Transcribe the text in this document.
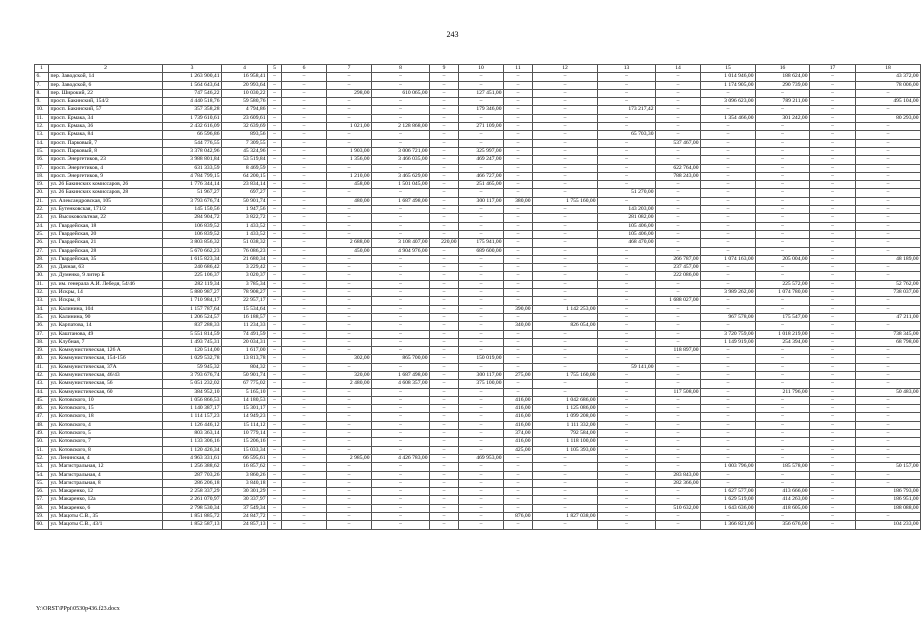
243
1	2	3	4	5	6	7	8	9	10	11	12	13	14	15	16	17	18
6.	пер. Заводской, 14	1 263 900,41	16 958,41	–	–	–	–	–	–	–	–	–	–	1 014 946,00	188 624,00	–	43 372,00
7.	пер. Заводской, 6	1 564 643,64	20 993,64	–	–	–	–	–	–	–	–	–	–	1 174 905,00	290 739,00	–	78 006,00
8.	пер. Широкий, 22	747 546,22	10 030,22	–	–	298,00	610 065,00	–	127 451,00	–	–	–	–	–	–	–	–
9.	просп. Бакинский, 154/2	4 440 518,76	59 580,76	–	–	–	–	–	–	–	–	–	–	3 096 623,00	789 211,00	–	495 104,00
10.	просп. Бакинский, 57	357 358,28	4 794,86	–	–	–	–	–	179 346,00	–	–	173 217,42	–	–	–	–	–
11.	просп. Ермака, 34	1 739 610,61	23 609,61	–	–	–	–	–	–	–	–	–	–	1 354 466,00	301 242,00	–	80 293,00
12.	просп. Ермака, 36	2 432 616,09	32 639,69	–	–	1 021,00	2 128 868,00	–	271 109,00	–	–	–	–	–	–	–	–
13.	просп. Ермака, 84	66 596,86	893,56	–	–	–	–	–	–	–	–	65 703,30	–	–	–	–	–
14.	просп. Парковый, 7	544 776,55	7 309,55	–	–	–	–	–	–	–	–	–	537 467,00	–	–	–	–
15.	просп. Парковый, 8	3 378 042,96	45 324,96	–	–	1 903,00	3 006 721,00	–	325 997,00	–	–	–	–	–	–	–	–
16.	просп. Энергетиков, 23	3 988 801,84	53 519,84	–	–	1 356,00	3 466 035,00	–	469 247,00	–	–	–	–	–	–	–	–
17.	просп. Энергетиков, 4	631 333,59	8 469,59	–	–	–	–	–	–	–	–	–	622 764,00	–	–	–	–
18.	просп. Энергетиков, 9	4 784 799,15	64 200,15	–	–	1 210,00	3 465 629,00	–	466 727,00	–	–	–	788 243,00	–	–	–	–
19.	ул. 26 Бакинских комиссаров, 26	1 776 344,14	23 834,14	–	–	458,00	1 501 045,00	–	251 465,00	–	–	–	–	–	–	–	–
20.	ул. 26 Бакинских комиссаров, 28	51 967,27	697,27	–	–	–	–	–	–	–	–	51 270,00	–	–	–	–	–
21.	ул. Александровская, 105	3 793 676,74	50 901,74	–	–	480,00	1 687 498,00	–	300 117,00	380,00	1 755 160,00	–	–	–	–	–	–
22.	ул. Бутенковская, 171/2	145 150,56	1 947,56	–	–	–	–	–	–	–	–	143 203,00	–	–	–	–	–
23.	ул. Высоковольтная, 22	284 904,72	3 822,72	–	–	–	–	–	–	–	–	281 082,00	–	–	–	–	–
24.	ул. Гвардейская, 18	106 839,52	1 433,52	–	–	–	–	–	–	–	–	105 406,00	–	–	–	–	–
25.	ул. Гвардейская, 20	106 839,52	1 433,52	–	–	–	–	–	–	–	–	105 406,00	–	–	–	–	–
26.	ул. Гвардейская, 21	3 803 856,32	51 038,32	–	–	2 688,00	3 108 407,00	220,00	175 941,00	–	–	468 470,00	–	–	–	–	–
27.	ул. Гвардейская, 28	5 670 662,23	76 086,23	–	–	450,00	4 904 976,00	–	689 600,00	–	–	–	–	–	–	–	–
28.	ул. Гвардейская, 35	1 615 823,34	21 680,34	–	–	–	–	–	–	–	–	–	266 787,00	1 074 163,00	205 004,00	–	48 189,00
29.	ул. Дачная, 63	240 686,42	3 229,42	–	–	–	–	–	–	–	–	–	237 457,00	–	–	–	–
30.	ул. Думенко, 9 литер Б	225 106,37	3 020,37	–	–	–	–	–	–	–	–	–	222 086,00	–	–	–	–
31.	ул. им. генерала А.И. Лебедя, 54/46	282 119,34	3 785,34	–	–	–	–	–	–	–	–	–	–	–	225 572,00	–	52 762,00
32.	ул. Искры, 14	5 880 987,27	78 908,27	–	–	–	–	–	–	–	–	–	–	3 989 262,00	1 074 780,00	–	738 037,00
33.	ул. Искры, 8	1 710 984,17	22 957,17	–	–	–	–	–	–	–	–	–	1 688 027,00	–	–	–	–
34.	ул. Калинина, 104	1 157 787,64	15 534,64	–	–	–	–	–	–	390,00	1 142 253,00	–	–	–	–	–	–
35.	ул. Калинина, 90	1 206 524,57	16 188,57	–	–	–	–	–	–	–	–	–	–	967 578,00	175 547,00	–	47 211,00
36.	ул. Карпатова, 14	837 288,33	11 234,33	–	–	–	–	–	–	340,00	826 054,00	–	–	–	–	–	–
37.	ул. Каштанова, 49	5 551 814,59	74 491,59	–	–	–	–	–	–	–	–	–	–	3 720 759,00	1 018 219,00	–	738 345,00
38.	ул. Клубная, 7	1 493 745,31	20 034,31	–	–	–	–	–	–	–	–	–	–	1 149 919,00	254 394,00	–	68 798,00
39.	ул. Коммунистическая, 126 А	120 514,00	1 617,00	–	–	–	–	–	–	–	–	–	118 897,00	–	–	–	–
40.	ул. Коммунистическая, 154-156	1 029 532,78	13 813,78	–	–	302,00	865 700,00	–	150 019,00	–	–	–	–	–	–	–	–
41.	ул. Коммунистическая, 37А	59 945,32	804,32	–	–	–	–	–	–	–	–	59 141,00	–	–	–	–	–
42.	ул. Коммунистическая, 46/43	3 793 676,74	50 901,74	–	–	320,00	1 687 498,00	–	300 117,00	275,00	1 755 160,00	–	–	–	–	–	–
43.	ул. Коммунистическая, 56	5 051 232,02	67 775,02	–	–	2 480,00	4 608 357,00	–	375 100,00	–	–	–	–	–	–	–	–
44.	ул. Коммунистическая, 60	384 952,10	5 165,10	–	–	–	–	–	–	–	–	–	117 508,00	–	211 796,00	–	50 483,00
45.	ул. Котовского, 10	1 056 866,53	14 180,53	–	–	–	–	–	–	416,00	1 042 686,00	–	–	–	–	–	–
46.	ул. Котовского, 15	1 140 387,17	15 301,17	–	–	–	–	–	–	416,00	1 125 086,00	–	–	–	–	–	–
47.	ул. Котовского, 18	1 114 157,23	14 949,23	–	–	–	–	–	–	416,00	1 099 208,00	–	–	–	–	–	–
48.	ул. Котовского, 4	1 126 446,12	15 114,12	–	–	–	–	–	–	416,00	1 111 332,00	–	–	–	–	–	–
49.	ул. Котовского, 5	803 363,14	10 779,14	–	–	–	–	–	–	374,00	792 584,00	–	–	–	–	–	–
50.	ул. Котовского, 7	1 133 306,16	15 206,16	–	–	–	–	–	–	416,00	1 118 100,00	–	–	–	–	–	–
51.	ул. Котовского, 8	1 120 426,34	15 033,34	–	–	–	–	–	–	425,00	1 105 393,00	–	–	–	–	–	–
52.	ул. Ленинская, 4	4 963 331,61	66 595,61	–	–	2 985,00	4 426 783,00	–	469 953,00	–	–	–	–	–	–	–	–
53.	ул. Магистральная, 12	1 256 388,62	16 857,62	–	–	–	–	–	–	–	–	–	–	1 003 796,00	185 578,00	–	50 157,00
54.	ул. Магистральная, 4	287 703,26	3 860,26	–	–	–	–	–	–	–	–	–	283 843,00	–	–	–	–
55.	ул. Магистральная, 8	286 206,18	3 840,18	–	–	–	–	–	–	–	–	–	282 366,00	–	–	–	–
56.	ул. Макаренко, 12	2 258 337,29	30 301,29	–	–	–	–	–	–	–	–	–	–	1 627 577,00	413 666,00	–	186 793,00
57.	ул. Макаренко, 12а	2 261 070,97	30 337,97	–	–	–	–	–	–	–	–	–	–	1 629 519,00	414 263,00	–	186 951,00
58.	ул. Макаренко, 6	2 798 530,34	37 549,34	–	–	–	–	–	–	–	–	–	510 632,00	1 643 636,00	418 605,00	–	188 088,00
59.	ул. Мацоты С.В., 35	1 851 885,72	24 847,72	–	–	–	–	–	–	876,00	1 827 038,00	–	–	–	–	–	–
60.	ул. Мацоты С.В., 43/1	1 852 587,13	24 857,13	–	–	–	–	–	–	–	–	–	–	1 366 821,00	356 676,00	–	104 233,00
Y:\ORST\PPpi\0530p436.f23.docx
